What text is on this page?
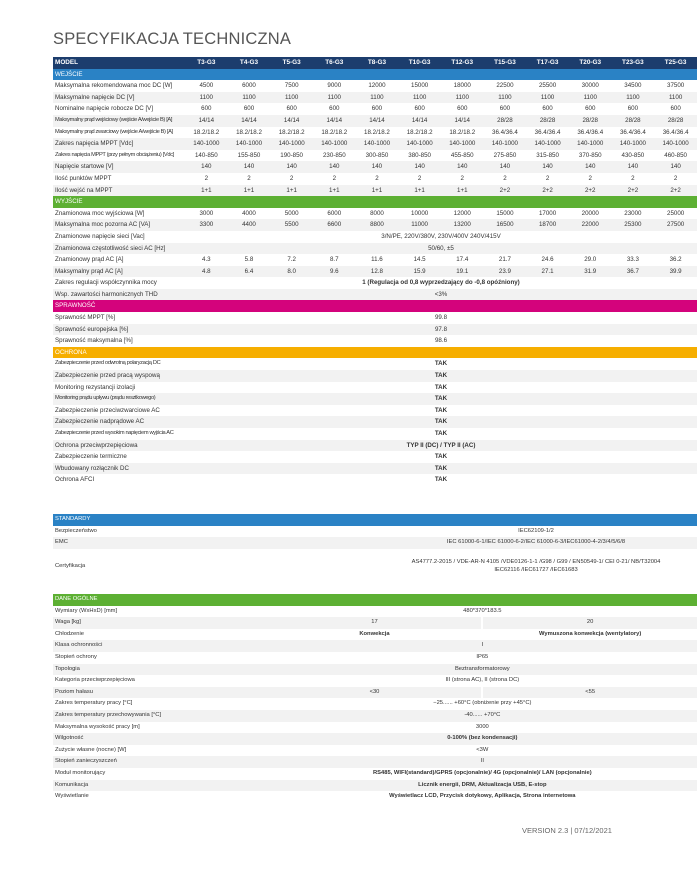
SPECYFIKACJA TECHNICZNA
MODEL	T3-G3	T4-G3	T5-G3	T6-G3	T8-G3	T10-G3	T12-G3	T15-G3	T17-G3	T20-G3	T23-G3	T25-G3
WEJŚCIE												
Maksymalna rekomendowana moc DC [W]	4500	6000	7500	9000	12000	15000	18000	22500	25500	30000	34500	37500
Maksymalne napięcie DC [V]	1100	1100	1100	1100	1100	1100	1100	1100	1100	1100	1100	1100
Nominalne napięcie robocze DC [V]	600	600	600	600	600	600	600	600	600	600	600	600
Maksymalny prąd wejściowy (wejście A/wejście B) [A]	14/14	14/14	14/14	14/14	14/14	14/14	14/14	28/28	28/28	28/28	28/28	28/28
Maksymalny prąd zwarciowy (wejście A/wejście B) [A]	18.2/18.2	18.2/18.2	18.2/18.2	18.2/18.2	18.2/18.2	18.2/18.2	18.2/18.2	36.4/36.4	36.4/36.4	36.4/36.4	36.4/36.4	36.4/36.4
Zakres napięcia MPPT [Vdc]	140-1000	140-1000	140-1000	140-1000	140-1000	140-1000	140-1000	140-1000	140-1000	140-1000	140-1000	140-1000
Zakres napięcia MPPT (przy pełnym obciążeniu) [Vdc]	140-850	155-850	190-850	230-850	300-850	380-850	455-850	275-850	315-850	370-850	430-850	460-850
Napięcie startowe [V]	140	140	140	140	140	140	140	140	140	140	140	140
Ilość punktów MPPT	2	2	2	2	2	2	2	2	2	2	2	2
Ilość wejść na MPPT	1+1	1+1	1+1	1+1	1+1	1+1	1+1	2+2	2+2	2+2	2+2	2+2
WYJŚCIE												
Znamionowa moc wyjściowa [W]	3000	4000	5000	6000	8000	10000	12000	15000	17000	20000	23000	25000
Maksymalna moc pozorna AC [VA]	3300	4400	5500	6600	8800	11000	13200	16500	18700	22000	25300	27500
Znamionowe napięcie sieci [Vac]	3/N/PE, 220V/380V, 230V/400V 240V/415V											
Znamionowa częstotliwość sieci AC [Hz]	50/60, ±5											
Znamionowy prąd AC [A]	4.3	5.8	7.2	8.7	11.6	14.5	17.4	21.7	24.6	29.0	33.3	36.2
Maksymalny prąd AC [A]	4.8	6.4	8.0	9.6	12.8	15.9	19.1	23.9	27.1	31.9	36.7	39.9
Zakres regulacji współczynnika mocy	1 (Regulacja od 0,8 wyprzedzający do -0,8 opóźniony)											
Wsp. zawartości harmonicznych THD	<3%											
SPRAWNOŚĆ												
Sprawność MPPT [%]	99.8											
Sprawność europejska [%]	97.8											
Sprawność maksymalna [%]	98.6											
OCHRONA												
Zabezpieczenie przed odwrotną polaryzacją DC	TAK											
Zabezpieczenie przed pracą wyspową	TAK											
Monitoring rezystancji izolacji	TAK											
Monitoring prądu upływu (prądu resztkowego)	TAK											
Zabezpieczenie przeciwzwarciowe AC	TAK											
Zabezpieczenie nadprądowe AC	TAK											
Zabezpieczenie przed wysokim napięciem wyjścia AC	TAK											
Ochrona przeciwprzepięciowa	TYP II (DC) / TYP II (AC)											
Zabezpieczenie termiczne	TAK											
Wbudowany rozłącznik DC	TAK											
Ochrona AFCI	TAK											
STANDARDY	
Bezpieczeństwo	IEC62109-1/2

EMC	IEC 61000-6-1/IEC 61000-6-2/IEC 61000-6-3/IEC61000-4-2/3/4/5/6/8

Certyfikacja	AS4777.2-2015 / VDE-AR-N 4105 /VDE0126-1-1 /G98 / G99 / EN50549-1/ CEI 0-21/ NB/T32004
IEC62116 /IEC61727 /IEC61683
DANE OGÓLNE		
Wymiary (WxHxD) [mm]	480*370*183.5	
Waga [kg]	17	20
Chłodzenie	Konwekcja	Wymuszona konwekcja (wentylatory)
Klasa ochronności	I	
Stopień ochrony	IP65	
Topologia	Beztransformatorowy	
Kategoria przeciwprzepięciowa	III (strona AC), II (strona DC)	
Poziom hałasu	<30	<55
Zakres temperatury pracy [°C]	−25...... +60°C (obniżenie przy +45°C)	
Zakres temperatury przechowywania [°C]	-40...... +70°C	
Maksymalna wysokość pracy [m]	3000	
Wilgotność	0-100% (bez kondensacji)	
Zużycie własne (nocne) [W]	<3W	
Stopień zanieczyszczeń	II	
Moduł monitorujący	RS485, WIFI(standard)/GPRS (opcjonalnie)/ 4G (opcjonalnie)/ LAN (opcjonalnie)	
Komunikacja	Licznik energii, DRM, Aktualizacja USB, E-stop	
Wyświetlanie	Wyświetlacz LCD, Przycisk dotykowy, Aplikacja, Strona internetowa	
VERSION 2.3 | 07/12/2021
